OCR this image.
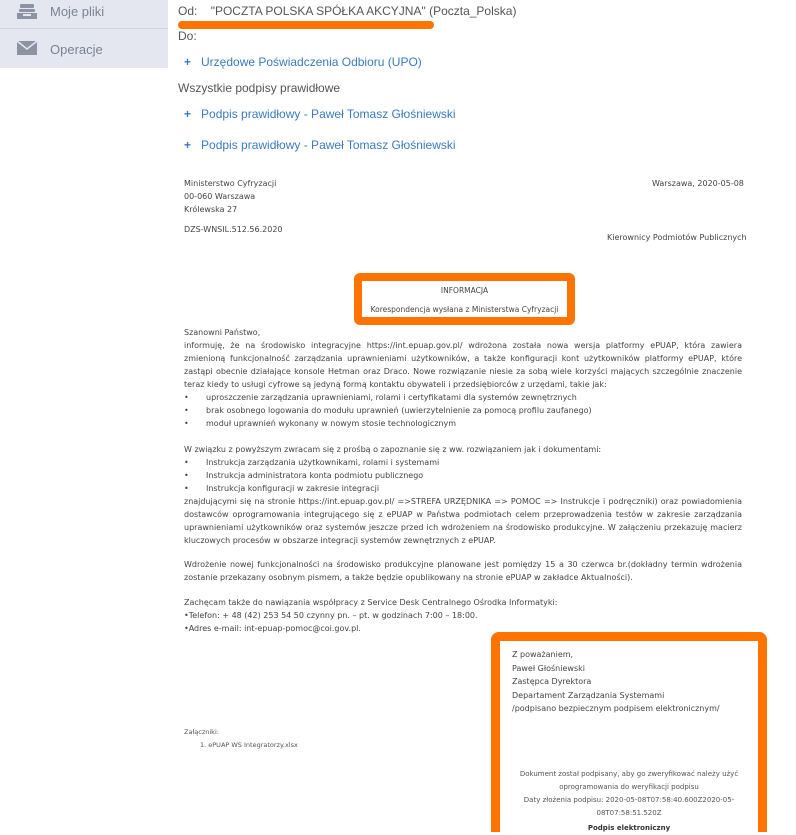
Moje pliki
Operacje
Od: "POCZTA POLSKA SPÓŁKA AKCYJNA" (Poczta_Polska)
Do:
+ Urzędowe Poświadczenia Odbioru (UPO)
Wszystkie podpisy prawidłowe
+ Podpis prawidłowy - Paweł Tomasz Głośniewski
+ Podpis prawidłowy - Paweł Tomasz Głośniewski
Ministerstwo Cyfryzacji
00-060 Warszawa
Królewska 27
DZS-WNSIL.512.56.2020
Warszawa, 2020-05-08
Kierownicy Podmiotów Publicznych
INFORMACJA
Korespondencja wysłana z Ministerstwa Cyfryzacji
Szanowni Państwo,
informuję, że na środowisko integracyjne https://int.epuap.gov.pl/ wdrożona została nowa wersja platformy ePUAP, która zawiera zmienioną funkcjonalność zarządzania uprawnieniami użytkowników, a także konfiguracji kont użytkowników platformy ePUAP, które zastąpi obecnie działające konsole Hetman oraz Draco. Nowe rozwiązanie niesie za sobą wiele korzyści mających szczególnie znaczenie teraz kiedy to usługi cyfrowe są jedyną formą kontaktu obywateli i przedsiębiorców z urzędami, takie jak:
•	uproszczenie zarządzania uprawnieniami, rolami i certyfikatami dla systemów zewnętrznych
•	brak osobnego logowania do modułu uprawnień (uwierzytelnienie za pomocą profilu zaufanego)
•	moduł uprawnień wykonany w nowym stosie technologicznym
W związku z powyższym zwracam się z prośbą o zapoznanie się z ww. rozwiązaniem jak i dokumentami:
•	Instrukcja zarządzania użytkownikami, rolami i systemami
•	Instrukcja administratora konta podmiotu publicznego
•	Instrukcja konfiguracji w zakresie integracji
znajdującymi się na stronie https://int.epuap.gov.pl/ =>STREFA URZĘDNIKA => POMOC => Instrukcje i podręczniki) oraz powiadomienia dostawców oprogramowania integrującego się z ePUAP w Państwa podmiotach celem przeprowadzenia testów w zakresie zarządzania uprawnieniami użytkowników oraz systemów jeszcze przed ich wdrożeniem na środowisko produkcyjne. W załączeniu przekazuję macierz kluczowych procesów w obszarze integracji systemów zewnętrznych z ePUAP.
Wdrożenie nowej funkcjonalności na środowisko produkcyjne planowane jest pomiędzy 15 a 30 czerwca br.(dokładny termin wdrożenia zostanie przekazany osobnym pismem, a także będzie opublikowany na stronie ePUAP w zakładce Aktualności).
Zachęcam także do nawiązania współpracy z Service Desk Centralnego Ośrodka Informatyki:
•Telefon: + 48 (42) 253 54 50 czynny pn. – pt. w godzinach 7:00 – 18:00.
•Adres e-mail: int-epuap-pomoc@coi.gov.pl.
Z poważaniem,
Paweł Głośniewski
Zastępca Dyrektora
Departament Zarządzania Systemami
/podpisano bezpiecznym podpisem elektronicznym/
Dokument został podpisany, aby go zweryfikować należy użyć oprogramowania do weryfikacji podpisu
Daty złożenia podpisu: 2020-05-08T07:58:40.600Z2020-05-08T07:58:51.520Z
Podpis elektroniczny
Załączniki:
1. ePUAP WS Integratorzy.xlsx
